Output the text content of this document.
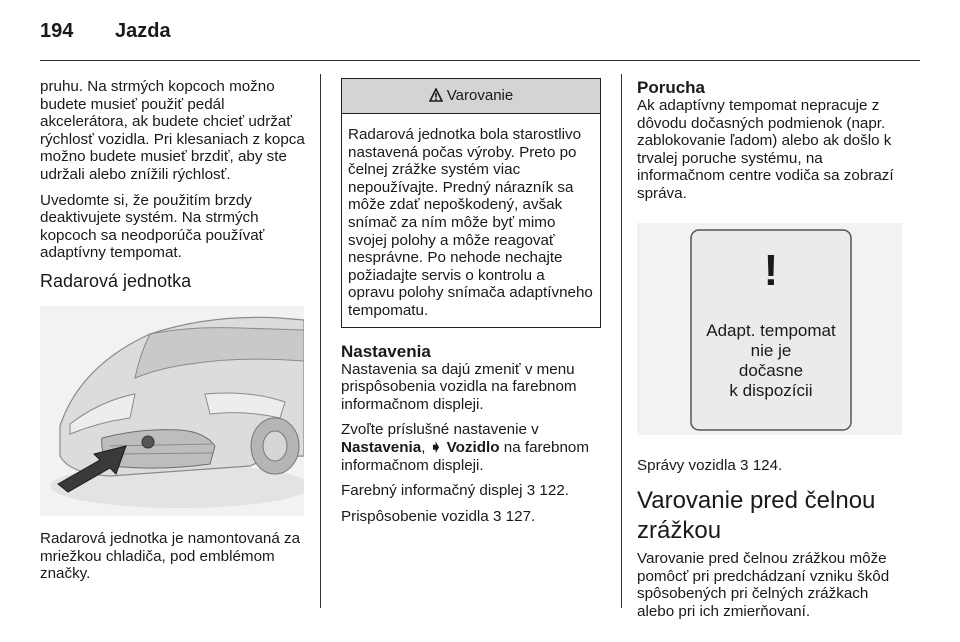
194 Jazda

pruhu. Na strmých kopcoch možno budete musieť použiť pedál akcelerátora, ak budete chcieť udržať rýchlosť vozidla. Pri klesaniach z kopca možno budete musieť brzdiť, aby ste udržali alebo znížili rýchlosť.

Uvedomte si, že použitím brzdy deaktivujete systém. Na strmých kopcoch sa neodporúča používať adaptívny tempomat.

Radarová jednotka

Radarová jednotka je namontovaná za mriežkou chladiča, pod emblémom značky.

Varovanie
Radarová jednotka bola starostlivo nastavená počas výroby. Preto po čelnej zrážke systém viac nepoužívajte. Predný nárazník sa môže zdať nepoškodený, avšak snímač za ním môže byť mimo svojej polohy a môže reagovať nesprávne. Po nehode nechajte požiadajte servis o kontrolu a opravu polohy snímača adaptívneho tempomatu.
Nastavenia

Nastavenia sa dajú zmeniť v menu prispôsobenia vozidla na farebnom informačnom displeji.

Zvoľte príslušné nastavenie v Nastavenia, ➧ Vozidlo na farebnom informačnom displeji.

Farebný informačný displej 3 122.

Prispôsobenie vozidla 3 127.

Porucha

Ak adaptívny tempomat nepracuje z dôvodu dočasných podmienok (napr. zablokovanie ľadom) alebo ak došlo k trvalej poruche systému, na informačnom centre vodiča sa zobrazí správa.

!
Adapt. tempomat
nie je
dočasne
k dispozícii

Správy vozidla 3 124.

Varovanie pred čelnou zrážkou

Varovanie pred čelnou zrážkou môže pomôcť pri predchádzaní vzniku škôd spôsobených pri čelných zrážkach alebo pri ich zmierňovaní.
